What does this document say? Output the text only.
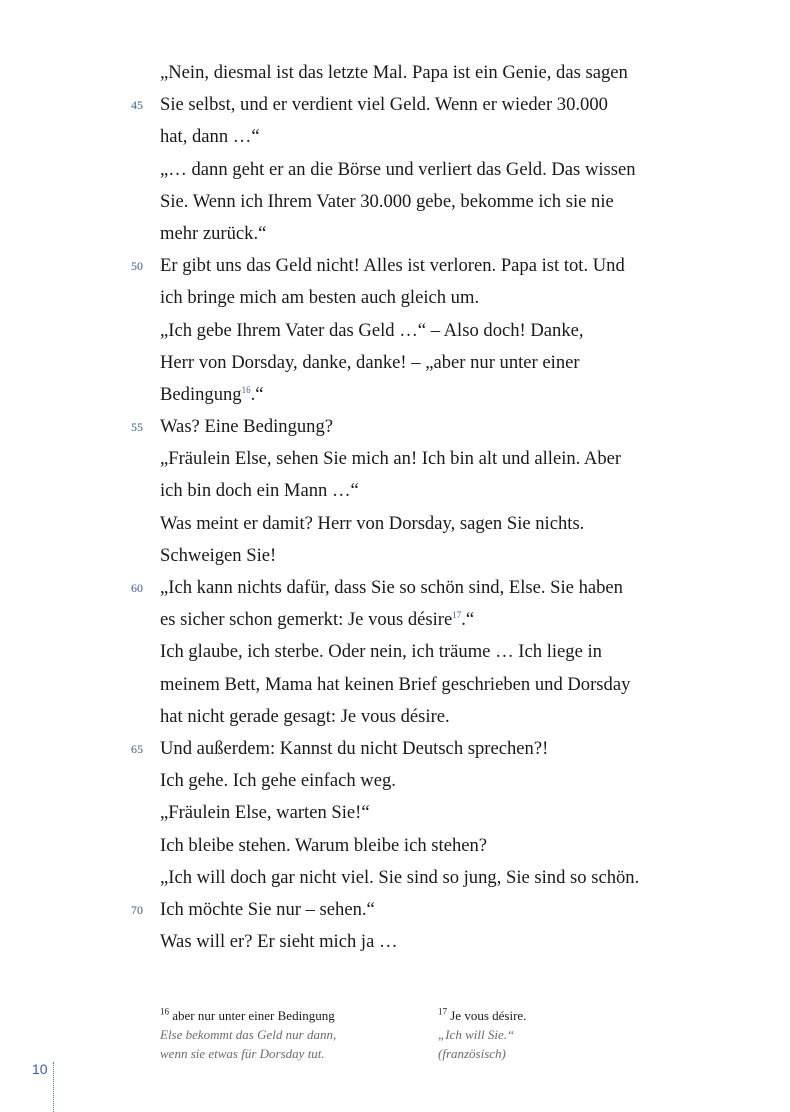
„Nein, diesmal ist das letzte Mal. Papa ist ein Genie, das sagen
45 Sie selbst, und er verdient viel Geld. Wenn er wieder 30.000
hat, dann …“
„… dann geht er an die Börse und verliert das Geld. Das wissen
Sie. Wenn ich Ihrem Vater 30.000 gebe, bekomme ich sie nie
mehr zurück.“
50 Er gibt uns das Geld nicht! Alles ist verloren. Papa ist tot. Und
ich bringe mich am besten auch gleich um.
„Ich gebe Ihrem Vater das Geld …“ – Also doch! Danke,
Herr von Dorsday, danke, danke! – „aber nur unter einer
Bedingung$^{16}$.“
55 Was? Eine Bedingung?
„Fräulein Else, sehen Sie mich an! Ich bin alt und allein. Aber
ich bin doch ein Mann …“
Was meint er damit? Herr von Dorsday, sagen Sie nichts.
Schweigen Sie!
60 „Ich kann nichts dafür, dass Sie so schön sind, Else. Sie haben
es sicher schon gemerkt: Je vous désire$^{17}$.“
Ich glaube, ich sterbe. Oder nein, ich träume … Ich liege in
meinem Bett, Mama hat keinen Brief geschrieben und Dorsday
hat nicht gerade gesagt: Je vous désire.
65 Und außerdem: Kannst du nicht Deutsch sprechen?!
Ich gehe. Ich gehe einfach weg.
„Fräulein Else, warten Sie!“
Ich bleibe stehen. Warum bleibe ich stehen?
„Ich will doch gar nicht viel. Sie sind so jung, Sie sind so schön.
70 Ich möchte Sie nur – sehen.“
Was will er? Er sieht mich ja …
$^{16}$ aber nur unter einer Bedingung
Else bekommt das Geld nur dann,
wenn sie etwas für Dorsday tut.
$^{17}$ Je vous désire.
„Ich will Sie.“
(französisch)
10
